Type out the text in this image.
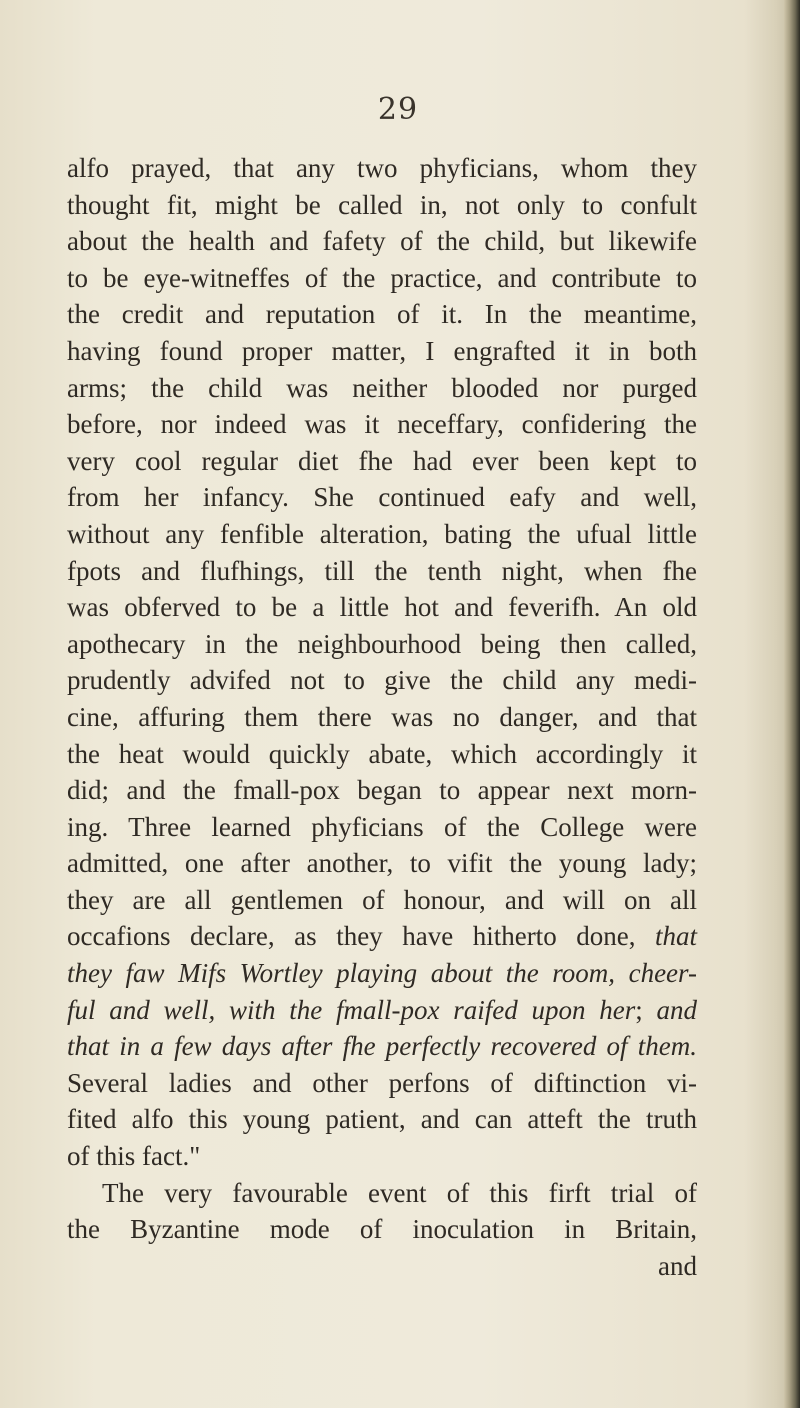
29
alfo prayed, that any two phyficians, whom they
thought fit, might be called in, not only to confult
about the health and fafety of the child, but likewife
to be eye-witneffes of the practice, and contribute to
the credit and reputation of it. In the meantime,
having found proper matter, I engrafted it in both
arms; the child was neither blooded nor purged
before, nor indeed was it neceffary, confidering the
very cool regular diet fhe had ever been kept to
from her infancy. She continued eafy and well,
without any fenfible alteration, bating the ufual little
fpots and flufhings, till the tenth night, when fhe
was obferved to be a little hot and feverifh. An old
apothecary in the neighbourhood being then called,
prudently advifed not to give the child any medi-
cine, affuring them there was no danger, and that
the heat would quickly abate, which accordingly it
did; and the fmall-pox began to appear next morn-
ing. Three learned phyficians of the College were
admitted, one after another, to vifit the young lady;
they are all gentlemen of honour, and will on all
occafions declare, as they have hitherto done, that
they faw Mifs Wortley playing about the room, cheer-
ful and well, with the fmall-pox raifed upon her; and
that in a few days after fhe perfectly recovered of them.
Several ladies and other perfons of diftinction vi-
fited alfo this young patient, and can atteft the truth
of this fact."
The very favourable event of this firft trial of
the Byzantine mode of inoculation in Britain,
and
